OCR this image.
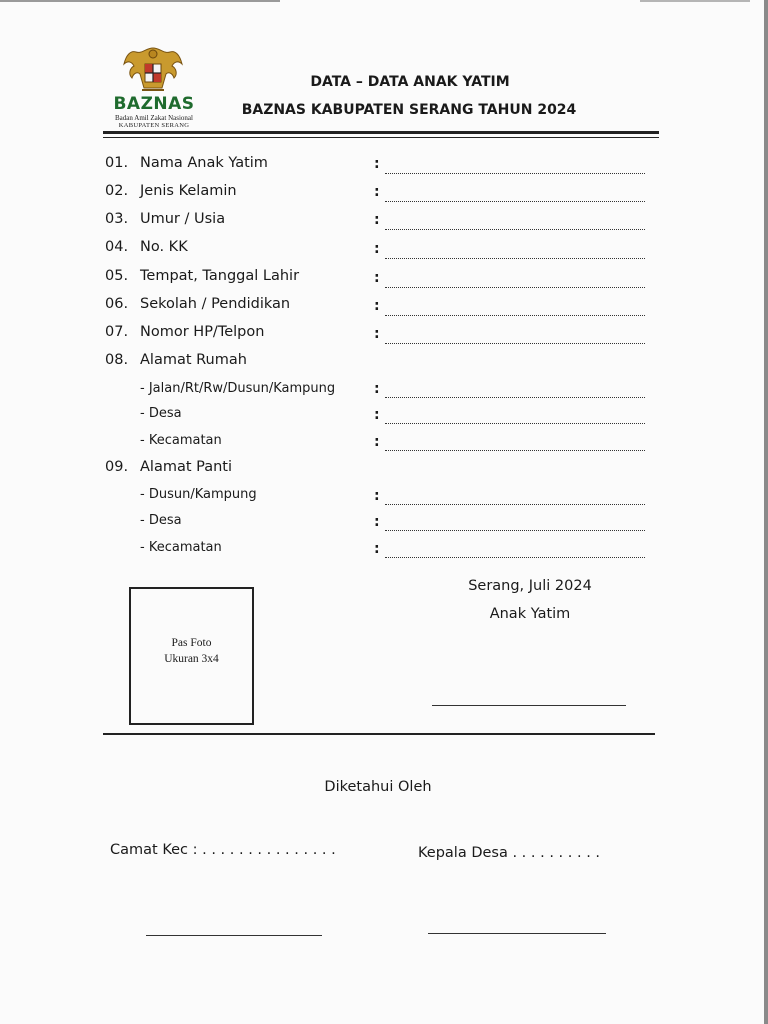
BAZNAS
Badan Amil Zakat Nasional
KABUPATEN SERANG
DATA – DATA ANAK YATIM
BAZNAS KABUPATEN SERANG TAHUN 2024
01. Nama Anak Yatim	:
02. Jenis Kelamin	:
03. Umur / Usia	:
04. No. KK	:
05. Tempat, Tanggal Lahir	:
06. Sekolah / Pendidikan	:
07. Nomor HP/Telpon	:
08. Alamat Rumah
- Jalan/Rt/Rw/Dusun/Kampung	:
- Desa	:
- Kecamatan	:
09. Alamat Panti
- Dusun/Kampung	:
- Desa	:
- Kecamatan	:
Serang, Juli 2024
Anak Yatim
Pas Foto
Ukuran 3x4
Diketahui Oleh
Camat Kec : . . . . . . . . . . . . . . .	Kepala Desa . . . . . . . . . .
